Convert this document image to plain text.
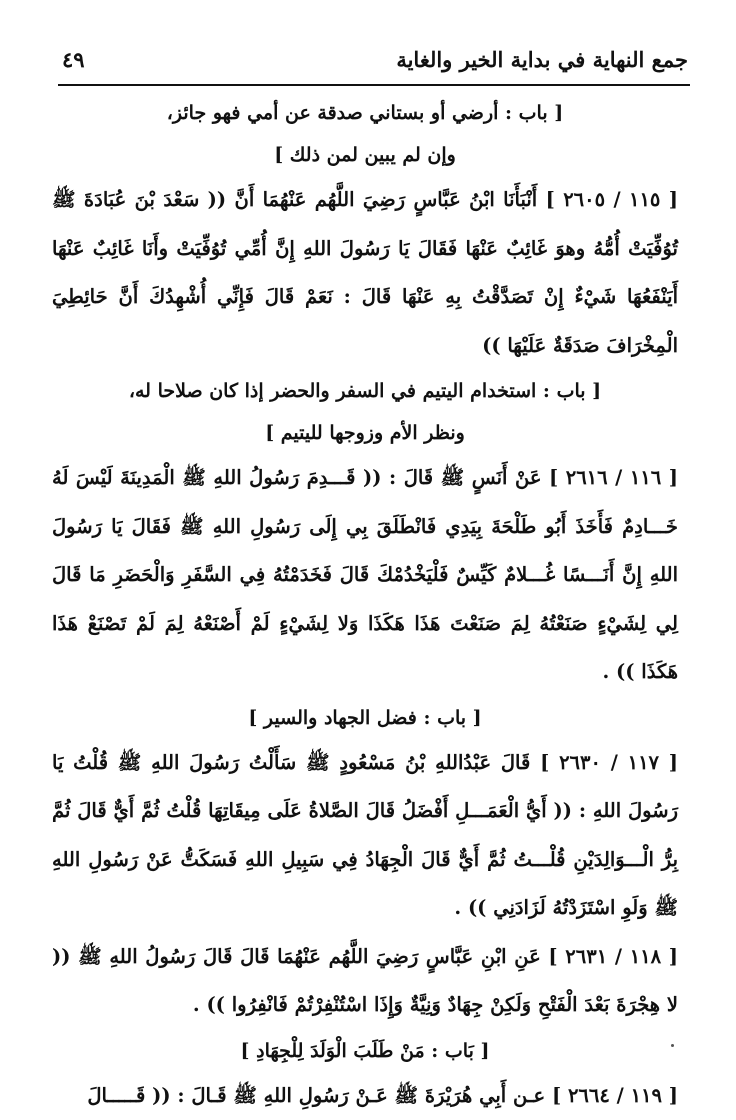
جمع النهاية في بداية الخير والغاية
٤٩

[ باب : أرضي أو بستاني صدقة عن أمي فهو جائز،

وإن لم يبين لمن ذلك ]

[ ١١٥ / ٢٦٠٥ ] أَنْبَأَنَا ابْنُ عَبَّاسٍ رَضِيَ اللَّهُم عَنْهُمَا أَنَّ (( سَعْدَ بْنَ عُبَادَةَ ﷺ تُوُفِّيَتْ أُمُّهُ وهوَ غَائِبٌ عَنْهَا فَقَالَ يَا رَسُولَ اللهِ إِنَّ أُمِّي تُوُفِّيَتْ وأَنَا غَائِبٌ عَنْهَا أَيَنْفَعُهَا شَيْءٌ إِنْ تَصَدَّقْتُ بِهِ عَنْهَا قَالَ : نَعَمْ قَالَ فَإِنِّي أُشْهِدُكَ أَنَّ حَائِطِيَ الْمِخْرَافَ صَدَقَةٌ عَلَيْهَا ))

[ باب : استخدام اليتيم في السفر والحضر إذا كان صلاحا له،

ونظر الأم وزوجها لليتيم ]

[ ١١٦ / ٢٦١٦ ] عَنْ أَنَسٍ ﷺ قَالَ : (( قَـــدِمَ رَسُولُ اللهِ ﷺ الْمَدِينَةَ لَيْسَ لَهُ خَـــادِمٌ فَأَخَذَ أَبُو طَلْحَةَ بِيَدِي فَانْطَلَقَ بِي إِلَى رَسُولِ اللهِ ﷺ فَقَالَ يَا رَسُولَ اللهِ إِنَّ أَنَـــسًا غُـــلامٌ كَيِّسٌ فَلْيَخْدُمْكَ قَالَ فَخَدَمْتُهُ فِي السَّفَرِ وَالْحَضَرِ مَا قَالَ لِي لِشَيْءٍ صَنَعْتُهُ لِمَ صَنَعْتَ هَذَا هَكَذَا وَلا لِشَيْءٍ لَمْ أَصْنَعْهُ لِمَ لَمْ تَصْنَعْ هَذَا هَكَذَا )) .

[ باب : فضل الجهاد والسير ]

[ ١١٧ / ٢٦٣٠ ] قَالَ عَبْدُاللهِ بْنُ مَسْعُودٍ ﷺ سَأَلْتُ رَسُولَ اللهِ ﷺ قُلْتُ يَا رَسُولَ اللهِ : (( أَيُّ الْعَمَـــلِ أَفْضَلُ قَالَ الصَّلاةُ عَلَى مِيقَاتِهَا قُلْتُ ثُمَّ أَيٌّ قَالَ ثُمَّ بِرُّ الْـــوَالِدَيْنِ قُلْـــتُ ثُمَّ أَيٌّ قَالَ الْجِهَادُ فِي سَبِيلِ اللهِ فَسَكَتُّ عَنْ رَسُولِ اللهِ ﷺ وَلَوِ اسْتَزَدْتُهُ لَزَادَنِي )) .

[ ١١٨ / ٢٦٣١ ] عَنِ ابْنِ عَبَّاسٍ رَضِيَ اللَّهُم عَنْهُمَا قَالَ قَالَ رَسُولُ اللهِ ﷺ (( لا هِجْرَةَ بَعْدَ الْفَتْحِ وَلَكِنْ جِهَادٌ وَنِيَّةٌ وَإِذَا اسْتُنْفِرْتُمْ فَانْفِرُوا )) .

[ بَاب : مَنْ طَلَبَ الْوَلَدَ لِلْجِهَادِ ]

[ ١١٩ / ٢٦٦٤ ] عـن أَبِي هُرَيْرَةَ ﷺ عَـنْ رَسُولِ اللهِ ﷺ قَـالَ : (( قَـــــالَ
